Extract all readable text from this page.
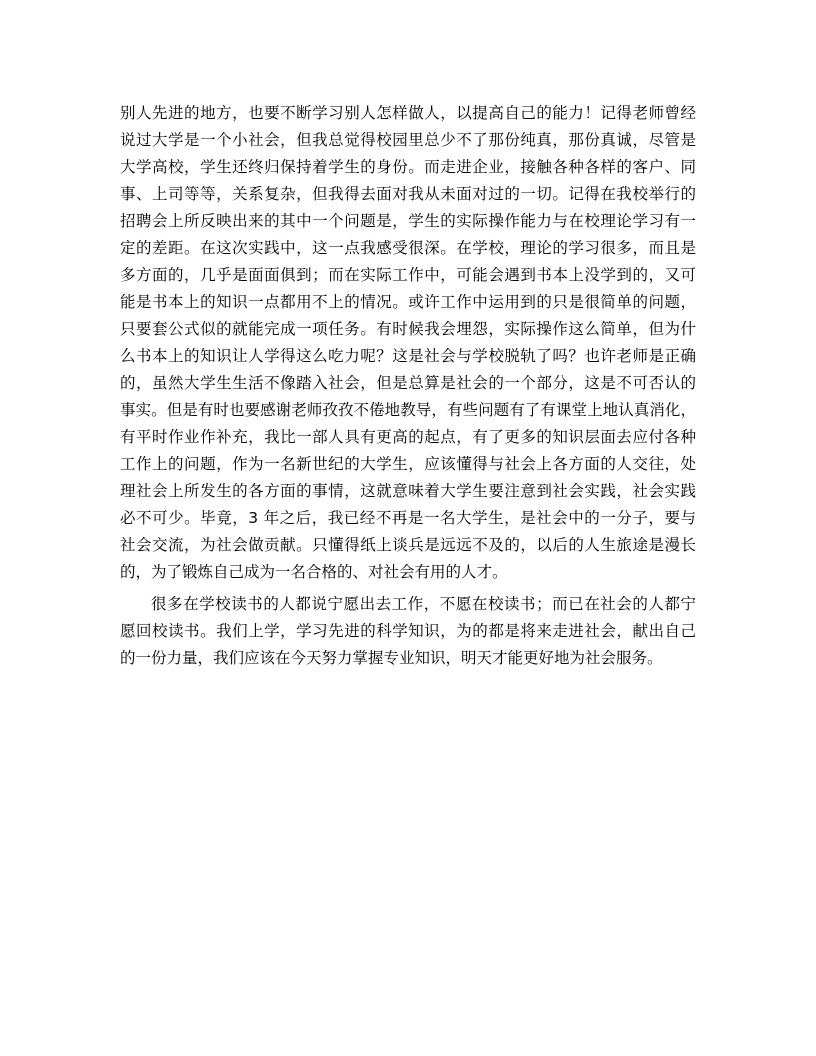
别人先进的地方，也要不断学习别人怎样做人，以提高自己的能力！记得老师曾经
说过大学是一个小社会，但我总觉得校园里总少不了那份纯真，那份真诚，尽管是
大学高校，学生还终归保持着学生的身份。而走进企业，接触各种各样的客户、同
事、上司等等，关系复杂，但我得去面对我从未面对过的一切。记得在我校举行的
招聘会上所反映出来的其中一个问题是，学生的实际操作能力与在校理论学习有一
定的差距。在这次实践中，这一点我感受很深。在学校，理论的学习很多，而且是
多方面的，几乎是面面俱到；而在实际工作中，可能会遇到书本上没学到的，又可
能是书本上的知识一点都用不上的情况。或许工作中运用到的只是很简单的问题，
只要套公式似的就能完成一项任务。有时候我会埋怨，实际操作这么简单，但为什
么书本上的知识让人学得这么吃力呢？这是社会与学校脱轨了吗？也许老师是正确
的，虽然大学生生活不像踏入社会，但是总算是社会的一个部分，这是不可否认的
事实。但是有时也要感谢老师孜孜不倦地教导，有些问题有了有课堂上地认真消化，
有平时作业作补充，我比一部人具有更高的起点，有了更多的知识层面去应付各种
工作上的问题，作为一名新世纪的大学生，应该懂得与社会上各方面的人交往，处
理社会上所发生的各方面的事情，这就意味着大学生要注意到社会实践，社会实践
必不可少。毕竟，3 年之后，我已经不再是一名大学生，是社会中的一分子，要与
社会交流，为社会做贡献。只懂得纸上谈兵是远远不及的，以后的人生旅途是漫长
的，为了锻炼自己成为一名合格的、对社会有用的人才。
很多在学校读书的人都说宁愿出去工作，不愿在校读书；而已在社会的人都宁
愿回校读书。我们上学，学习先进的科学知识，为的都是将来走进社会，献出自己
的一份力量，我们应该在今天努力掌握专业知识，明天才能更好地为社会服务。
